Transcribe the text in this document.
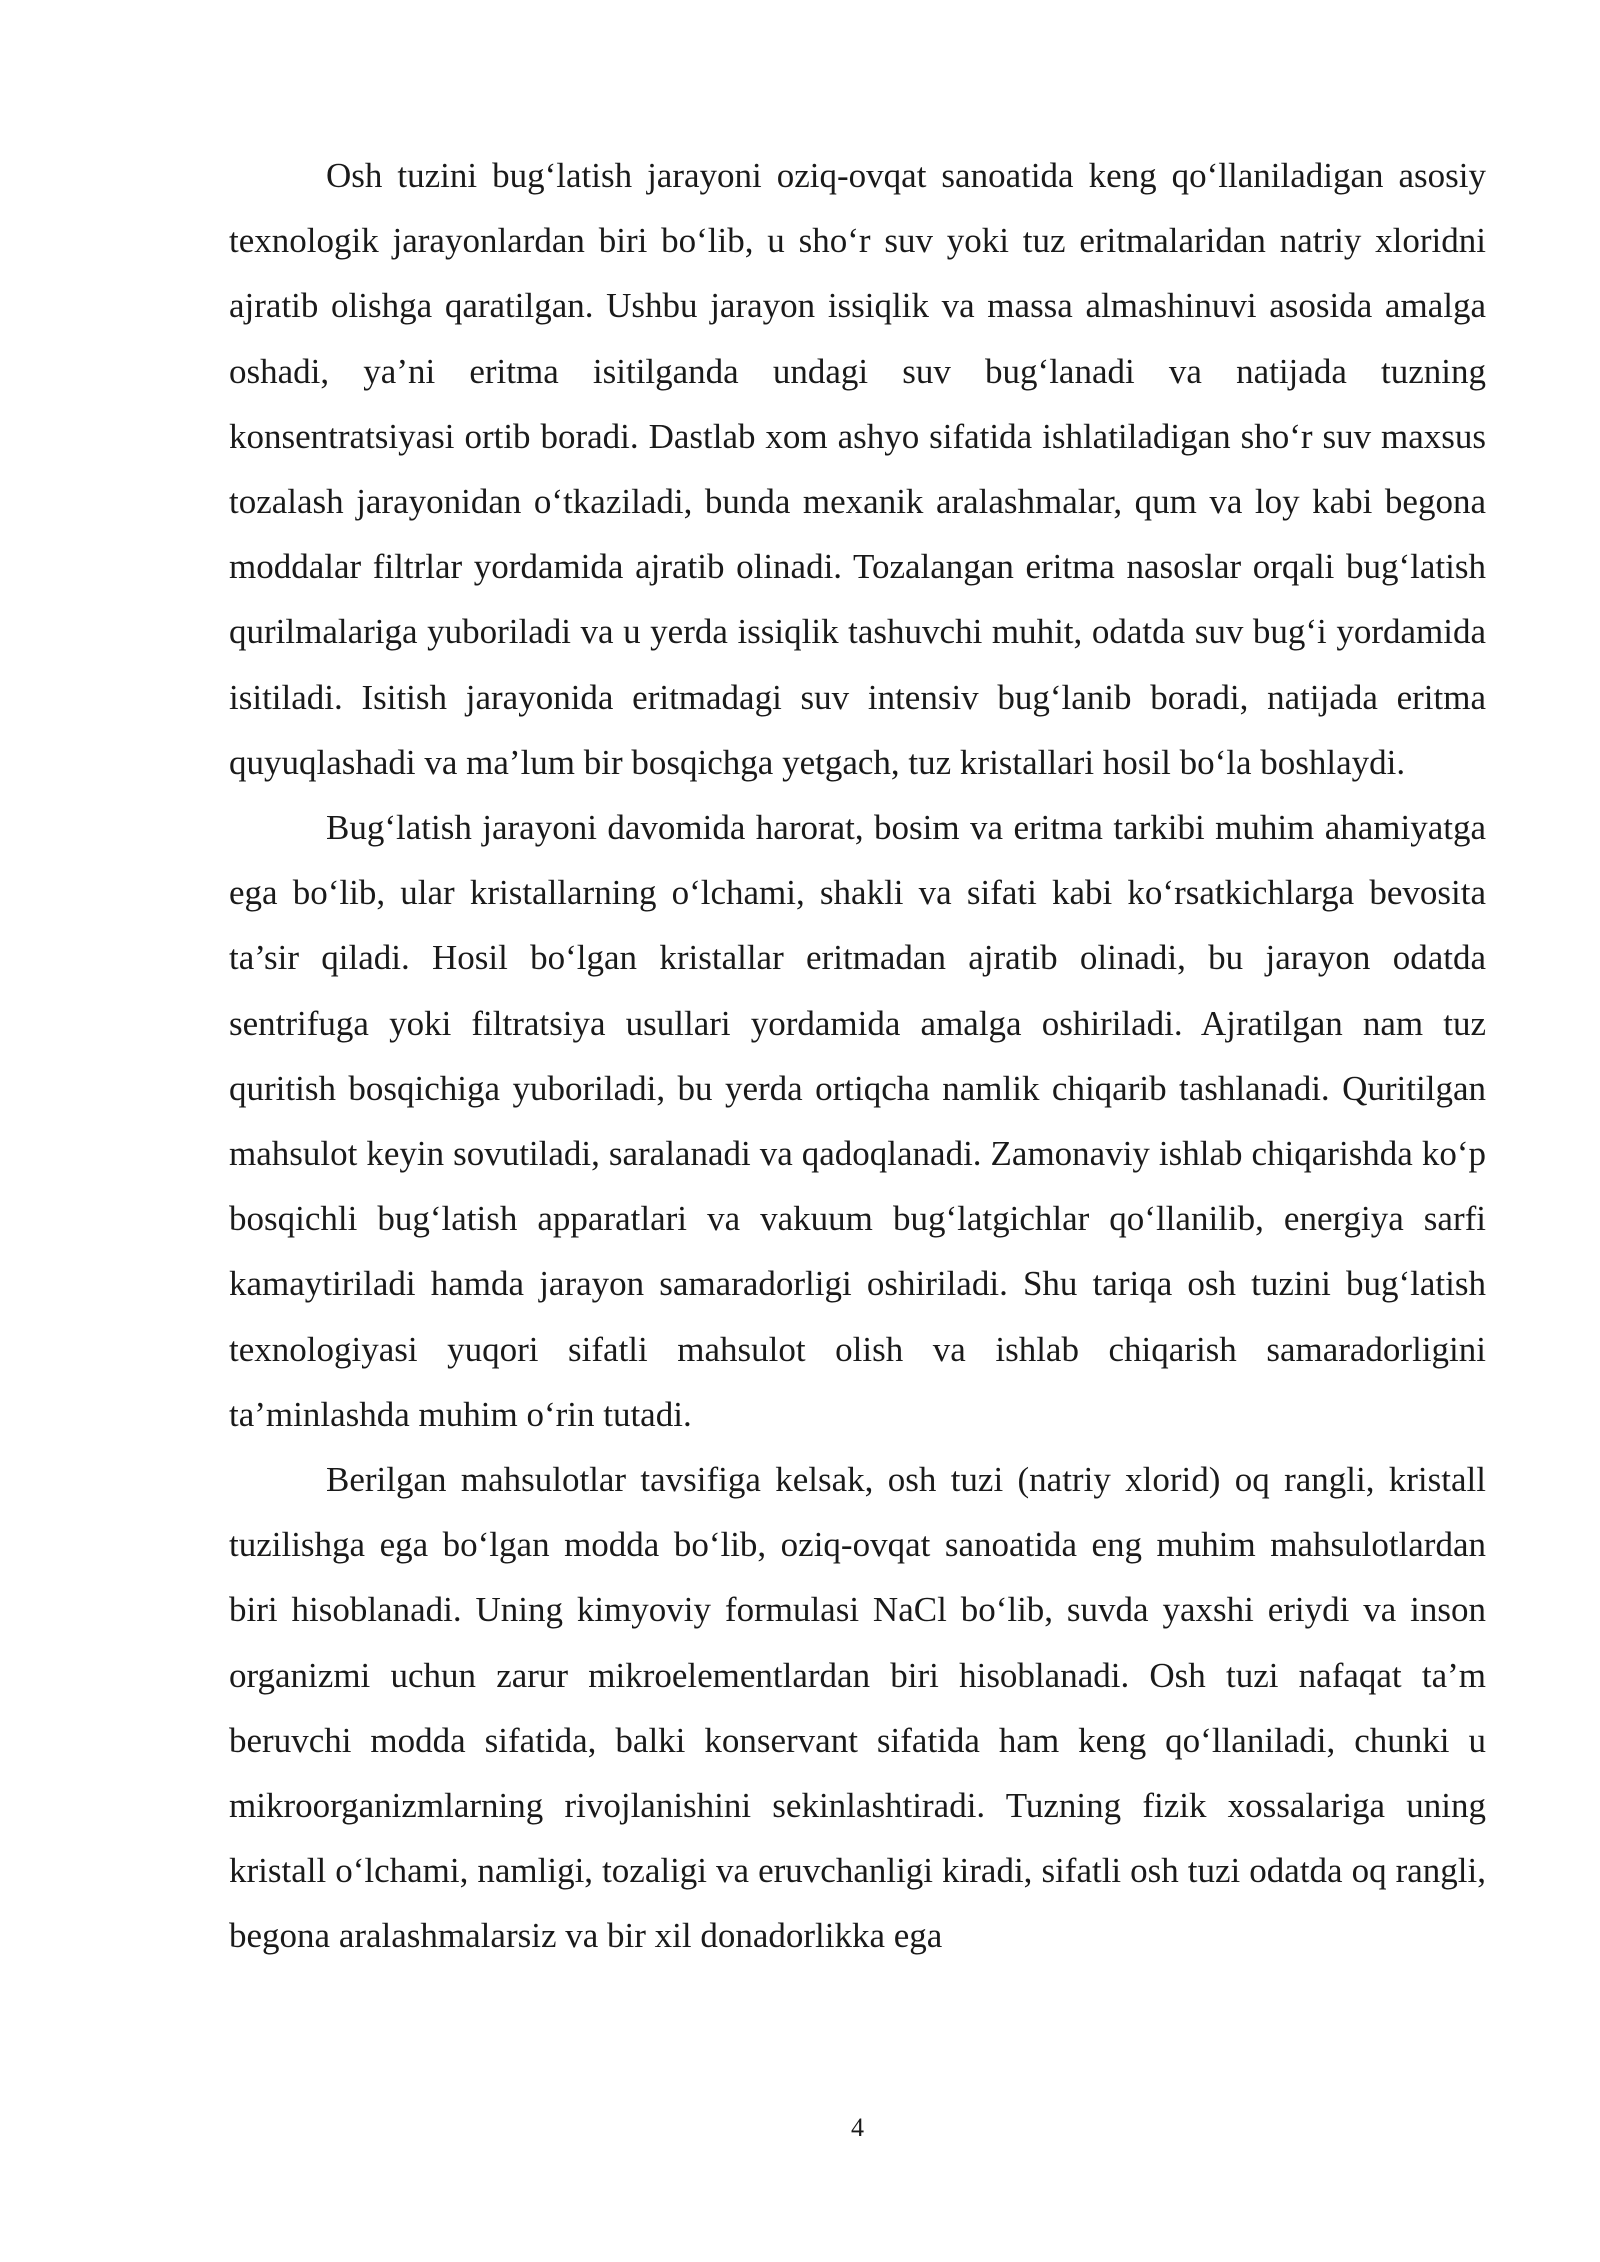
Osh tuzini bug‘latish jarayoni oziq-ovqat sanoatida keng qo‘llaniladigan asosiy texnologik jarayonlardan biri bo‘lib, u sho‘r suv yoki tuz eritmalaridan natriy xloridni ajratib olishga qaratilgan. Ushbu jarayon issiqlik va massa almashinuvi asosida amalga oshadi, ya’ni eritma isitilganda undagi suv bug‘lanadi va natijada tuzning konsentratsiyasi ortib boradi. Dastlab xom ashyo sifatida ishlatiladigan sho‘r suv maxsus tozalash jarayonidan o‘tkaziladi, bunda mexanik aralashmalar, qum va loy kabi begona moddalar filtrlar yordamida ajratib olinadi. Tozalangan eritma nasoslar orqali bug‘latish qurilmalariga yuboriladi va u yerda issiqlik tashuvchi muhit, odatda suv bug‘i yordamida isitiladi. Isitish jarayonida eritmadagi suv intensiv bug‘lanib boradi, natijada eritma quyuqlashadi va ma’lum bir bosqichga yetgach, tuz kristallari hosil bo‘la boshlaydi.

Bug‘latish jarayoni davomida harorat, bosim va eritma tarkibi muhim ahamiyatga ega bo‘lib, ular kristallarning o‘lchami, shakli va sifati kabi ko‘rsatkichlarga bevosita ta’sir qiladi. Hosil bo‘lgan kristallar eritmadan ajratib olinadi, bu jarayon odatda sentrifuga yoki filtratsiya usullari yordamida amalga oshiriladi. Ajratilgan nam tuz quritish bosqichiga yuboriladi, bu yerda ortiqcha namlik chiqarib tashlanadi. Quritilgan mahsulot keyin sovutiladi, saralanadi va qadoqlanadi. Zamonaviy ishlab chiqarishda ko‘p bosqichli bug‘latish apparatlari va vakuum bug‘latgichlar qo‘llanilib, energiya sarfi kamaytiriladi hamda jarayon samaradorligi oshiriladi. Shu tariqa osh tuzini bug‘latish texnologiyasi yuqori sifatli mahsulot olish va ishlab chiqarish samaradorligini ta’minlashda muhim o‘rin tutadi.

Berilgan mahsulotlar tavsifiga kelsak, osh tuzi (natriy xlorid) oq rangli, kristall tuzilishga ega bo‘lgan modda bo‘lib, oziq-ovqat sanoatida eng muhim mahsulotlardan biri hisoblanadi. Uning kimyoviy formulasi NaCl bo‘lib, suvda yaxshi eriydi va inson organizmi uchun zarur mikroelementlardan biri hisoblanadi. Osh tuzi nafaqat ta’m beruvchi modda sifatida, balki konservant sifatida ham keng qo‘llaniladi, chunki u mikroorganizmlarning rivojlanishini sekinlashtiradi. Tuzning fizik xossalariga uning kristall o‘lchami, namligi, tozaligi va eruvchanligi kiradi, sifatli osh tuzi odatda oq rangli, begona aralashmalarsiz va bir xil donadorlikka ega

4
